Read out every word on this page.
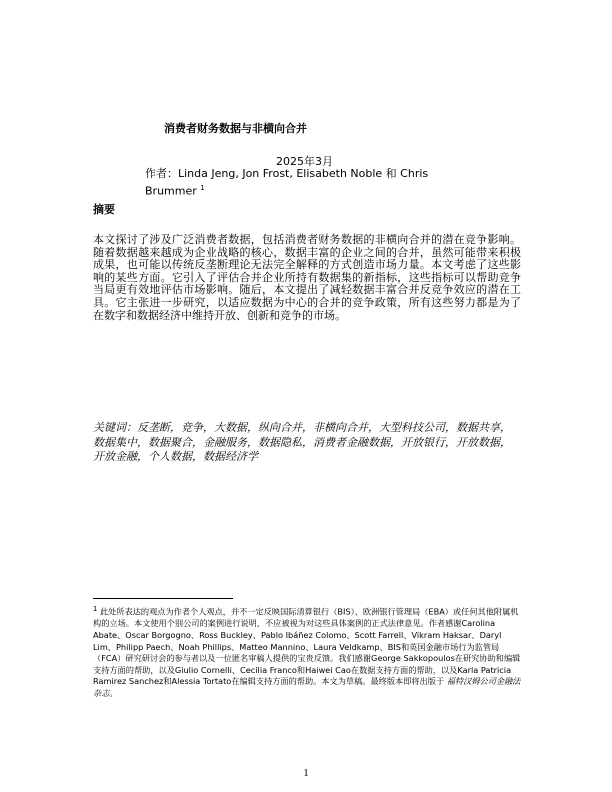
消费者财务数据与非横向合并
2025年3月
作者：Linda Jeng, Jon Frost, Elisabeth Noble 和 Chris Brummer $^1$
摘要
本文探讨了涉及广泛消费者数据，包括消费者财务数据的非横向合并的潜在竞争影响。随着数据越来越成为企业战略的核心，数据丰富的企业之间的合并，虽然可能带来积极成果，也可能以传统反垄断理论无法完全解释的方式创造市场力量。本文考虑了这些影响的某些方面。它引入了评估合并企业所持有数据集的新指标，这些指标可以帮助竞争当局更有效地评估市场影响。随后，本文提出了减轻数据丰富合并反竞争效应的潜在工具。它主张进一步研究，以适应数据为中心的合并的竞争政策，所有这些努力都是为了在数字和数据经济中维持开放、创新和竞争的市场。
关键词：反垄断，竞争，大数据，纵向合并，非横向合并，大型科技公司，数据共享，数据集中，数据聚合，金融服务，数据隐私，消费者金融数据，开放银行，开放数据，开放金融，个人数据，数据经济学
$^1$ 此处所表达的观点为作者个人观点，并不一定反映国际清算银行（BIS）、欧洲银行管理局（EBA）或任何其他附属机构的立场。本文使用个别公司的案例进行说明，不应被视为对这些具体案例的正式法律意见。作者感谢Carolina Abate、Oscar Borgogno、Ross Buckley、Pablo Ibáñez Colomo、Scott Farrell、Vikram Haksar、Daryl Lim、Philipp Paech、Noah Phillips、Matteo Mannino、Laura Veldkamp、BIS和英国金融市场行为监管局（FCA）研究研讨会的参与者以及一位匿名审稿人提供的宝贵反馈。我们感谢George Sakkopoulos在研究协助和编辑支持方面的帮助，以及Giulio Cornelli、Cecilia Franco和Haiwei Cao在数据支持方面的帮助，以及Karla Patricia Ramirez Sanchez和Alessia Tortato在编辑支持方面的帮助。本文为草稿。最终版本即将出版于 福特汉姆公司金融法杂志。
1
